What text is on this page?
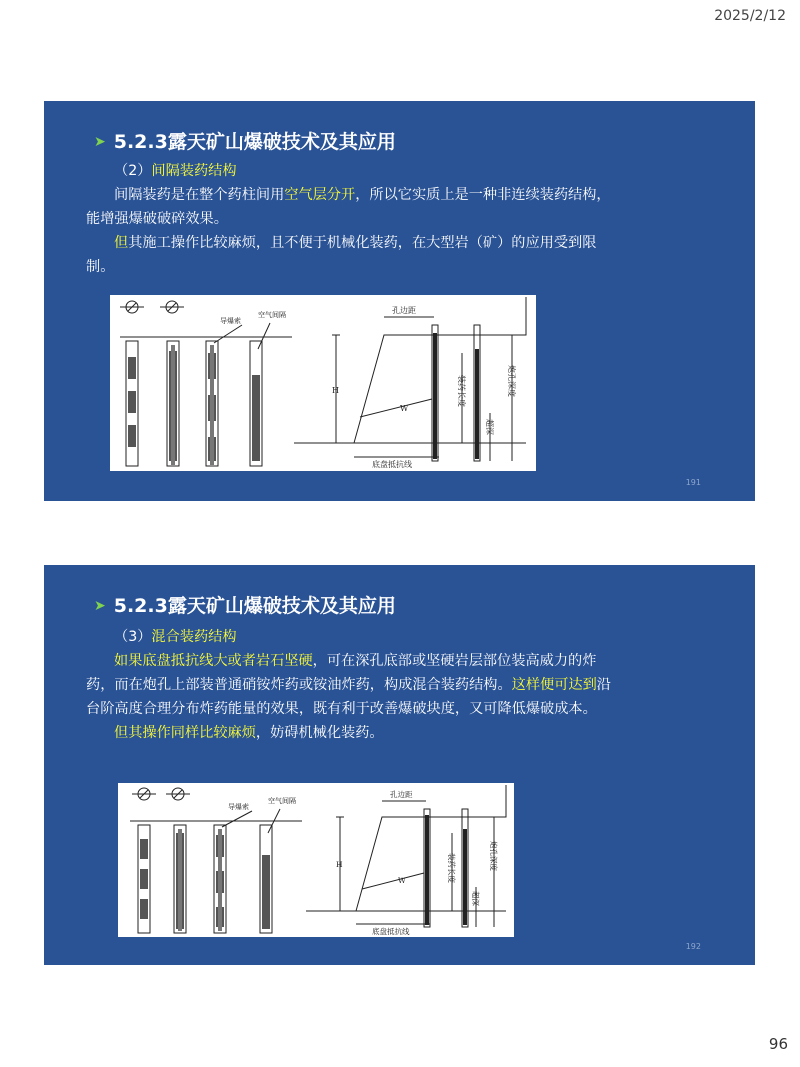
2025/2/12
➤ 5.2.3露天矿山爆破技术及其应用

（2）间隔装药结构

间隔装药是在整个药柱间用空气层分开，所以它实质上是一种非连续装药结构，能增强爆破破碎效果。

但其施工操作比较麻烦，且不便于机械化装药，在大型岩（矿）的应用受到限制。

导爆索
空气间隔	孔边距
H
W
底盘抵抗线
装药长度	炮孔深度
超深
191
➤ 5.2.3露天矿山爆破技术及其应用

（3）混合装药结构

如果底盘抵抗线大或者岩石坚硬，可在深孔底部或坚硬岩层部位装高威力的炸药，而在炮孔上部装普通硝铵炸药或铵油炸药，构成混合装药结构。这样便可达到沿台阶高度合理分布炸药能量的效果，既有利于改善爆破块度，又可降低爆破成本。

但其操作同样比较麻烦，妨碍机械化装药。

导爆索
空气间隔
孔边距
H
W
底盘抵抗线
装药长度	炮孔深度
超深
192
96
